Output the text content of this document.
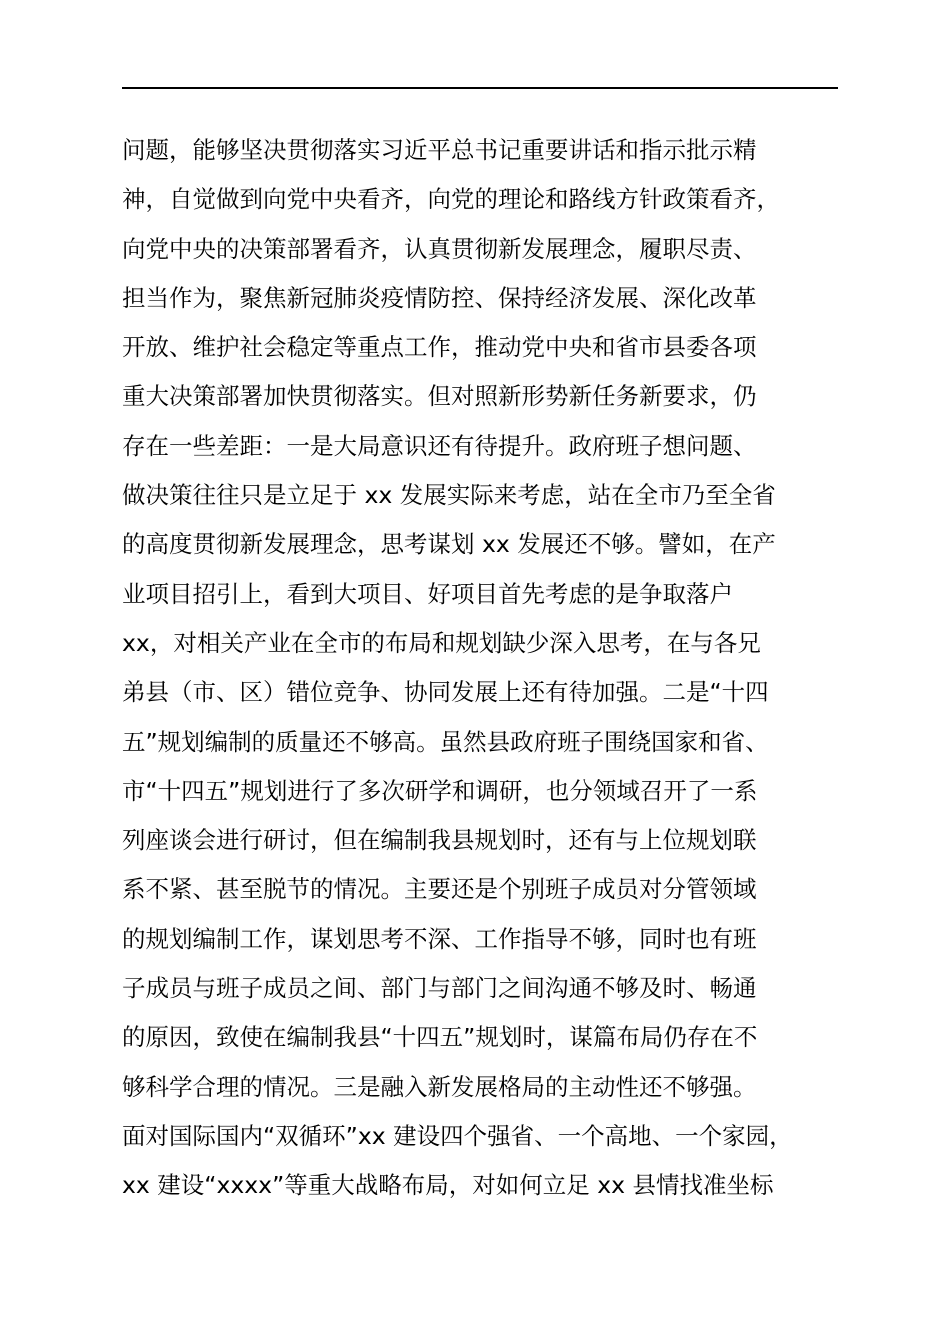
问题，能够坚决贯彻落实习近平总书记重要讲话和指示批示精
神，自觉做到向党中央看齐，向党的理论和路线方针政策看齐，
向党中央的决策部署看齐，认真贯彻新发展理念，履职尽责、
担当作为，聚焦新冠肺炎疫情防控、保持经济发展、深化改革
开放、维护社会稳定等重点工作，推动党中央和省市县委各项
重大决策部署加快贯彻落实。但对照新形势新任务新要求，仍
存在一些差距：一是大局意识还有待提升。政府班子想问题、
做决策往往只是立足于 xx 发展实际来考虑，站在全市乃至全省
的高度贯彻新发展理念，思考谋划 xx 发展还不够。譬如，在产
业项目招引上，看到大项目、好项目首先考虑的是争取落户
xx，对相关产业在全市的布局和规划缺少深入思考，在与各兄
弟县（市、区）错位竞争、协同发展上还有待加强。二是“十四
五”规划编制的质量还不够高。虽然县政府班子围绕国家和省、
市“十四五”规划进行了多次研学和调研，也分领域召开了一系
列座谈会进行研讨，但在编制我县规划时，还有与上位规划联
系不紧、甚至脱节的情况。主要还是个别班子成员对分管领域
的规划编制工作，谋划思考不深、工作指导不够，同时也有班
子成员与班子成员之间、部门与部门之间沟通不够及时、畅通
的原因，致使在编制我县“十四五”规划时，谋篇布局仍存在不
够科学合理的情况。三是融入新发展格局的主动性还不够强。
面对国际国内“双循环”xx 建设四个强省、一个高地、一个家园，
xx 建设“xxxx”等重大战略布局，对如何立足 xx 县情找准坐标
